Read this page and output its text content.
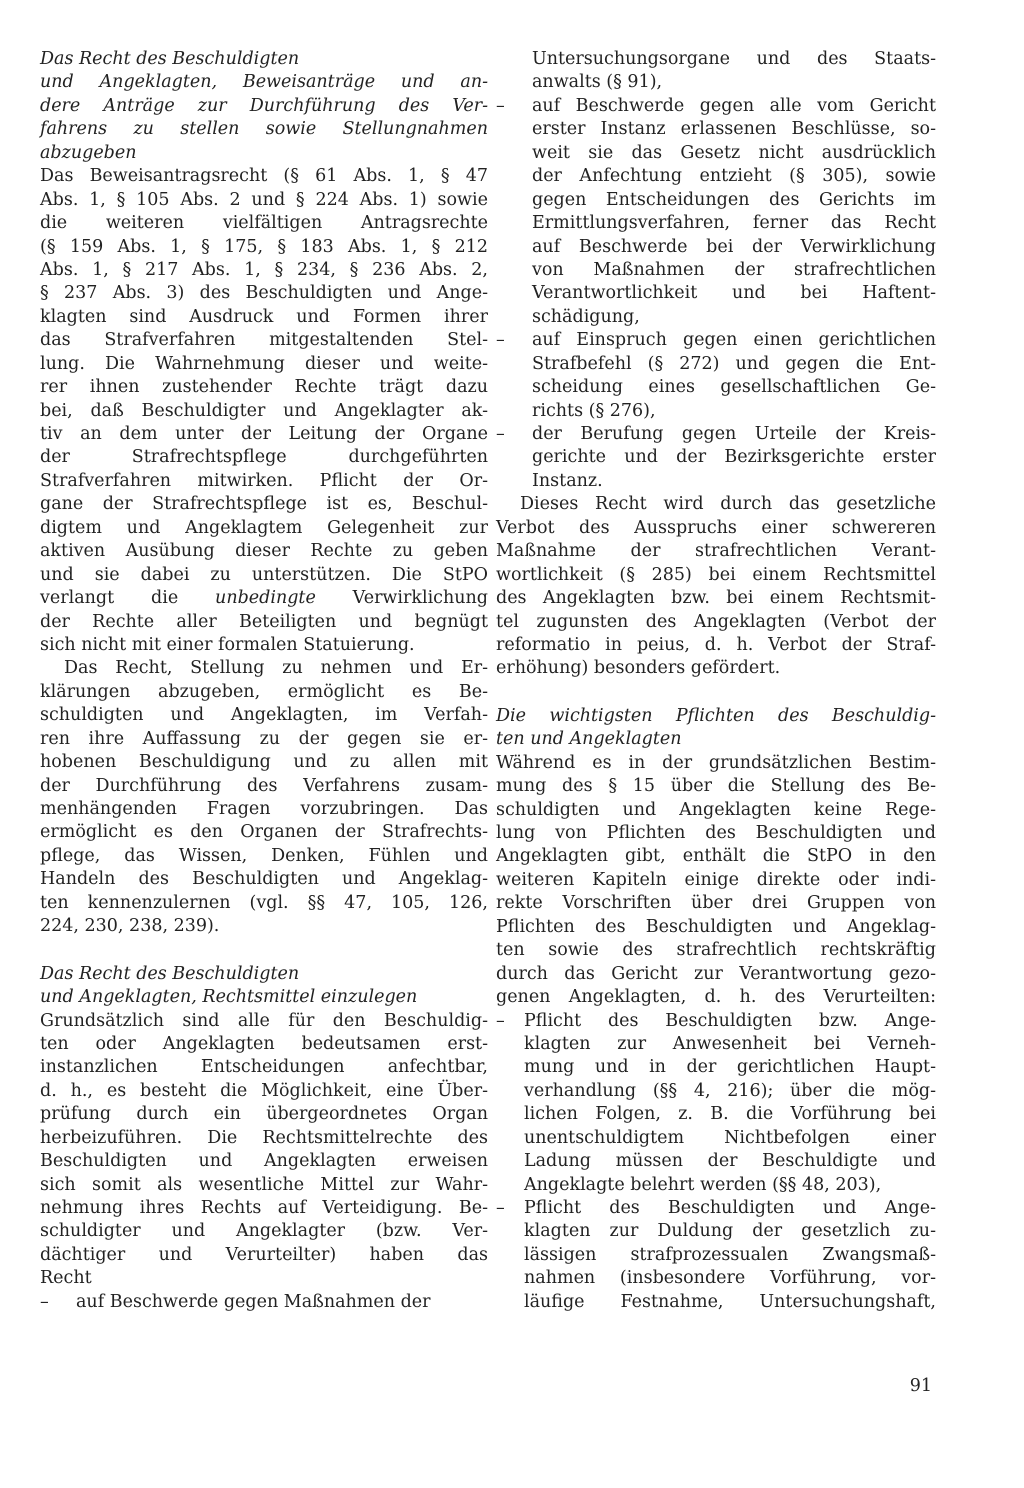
Das Recht des Beschuldigten
und Angeklagten, Beweisanträge und an-
dere Anträge zur Durchführung des Ver-
fahrens zu stellen sowie Stellungnahmen
abzugeben
Das Beweisantragsrecht (§ 61 Abs. 1, § 47
Abs. 1, § 105 Abs. 2 und § 224 Abs. 1) sowie
die weiteren vielfältigen Antragsrechte
(§ 159 Abs. 1, § 175, § 183 Abs. 1, § 212
Abs. 1, § 217 Abs. 1, § 234, § 236 Abs. 2,
§ 237 Abs. 3) des Beschuldigten und Ange-
klagten sind Ausdruck und Formen ihrer
das Strafverfahren mitgestaltenden Stel-
lung. Die Wahrnehmung dieser und weite-
rer ihnen zustehender Rechte trägt dazu
bei, daß Beschuldigter und Angeklagter ak-
tiv an dem unter der Leitung der Organe
der Strafrechtspflege durchgeführten
Strafverfahren mitwirken. Pflicht der Or-
gane der Strafrechtspflege ist es, Beschul-
digtem und Angeklagtem Gelegenheit zur
aktiven Ausübung dieser Rechte zu geben
und sie dabei zu unterstützen. Die StPO
verlangt die unbedingte Verwirklichung
der Rechte aller Beteiligten und begnügt
sich nicht mit einer formalen Statuierung.
Das Recht, Stellung zu nehmen und Er-
klärungen abzugeben, ermöglicht es Be-
schuldigten und Angeklagten, im Verfah-
ren ihre Auffassung zu der gegen sie er-
hobenen Beschuldigung und zu allen mit
der Durchführung des Verfahrens zusam-
menhängenden Fragen vorzubringen. Das
ermöglicht es den Organen der Strafrechts-
pflege, das Wissen, Denken, Fühlen und
Handeln des Beschuldigten und Angeklag-
ten kennenzulernen (vgl. §§ 47, 105, 126,
224, 230, 238, 239).
Das Recht des Beschuldigten
und Angeklagten, Rechtsmittel einzulegen
Grundsätzlich sind alle für den Beschuldig-
ten oder Angeklagten bedeutsamen erst-
instanzlichen Entscheidungen anfechtbar,
d. h., es besteht die Möglichkeit, eine Über-
prüfung durch ein übergeordnetes Organ
herbeizuführen. Die Rechtsmittelrechte des
Beschuldigten und Angeklagten erweisen
sich somit als wesentliche Mittel zur Wahr-
nehmung ihres Rechts auf Verteidigung. Be-
schuldigter und Angeklagter (bzw. Ver-
dächtiger und Verurteilter) haben das
Recht
– auf Beschwerde gegen Maßnahmen der
Untersuchungsorgane und des Staats-
anwalts (§ 91),
– auf Beschwerde gegen alle vom Gericht
erster Instanz erlassenen Beschlüsse, so-
weit sie das Gesetz nicht ausdrücklich
der Anfechtung entzieht (§ 305), sowie
gegen Entscheidungen des Gerichts im
Ermittlungsverfahren, ferner das Recht
auf Beschwerde bei der Verwirklichung
von Maßnahmen der strafrechtlichen
Verantwortlichkeit und bei Haftent-
schädigung,
– auf Einspruch gegen einen gerichtlichen
Strafbefehl (§ 272) und gegen die Ent-
scheidung eines gesellschaftlichen Ge-
richts (§ 276),
– der Berufung gegen Urteile der Kreis-
gerichte und der Bezirksgerichte erster
Instanz.
Dieses Recht wird durch das gesetzliche
Verbot des Ausspruchs einer schwereren
Maßnahme der strafrechtlichen Verant-
wortlichkeit (§ 285) bei einem Rechtsmittel
des Angeklagten bzw. bei einem Rechtsmit-
tel zugunsten des Angeklagten (Verbot der
reformatio in peius, d. h. Verbot der Straf-
erhöhung) besonders gefördert.
Die wichtigsten Pflichten des Beschuldig-
ten und Angeklagten
Während es in der grundsätzlichen Bestim-
mung des § 15 über die Stellung des Be-
schuldigten und Angeklagten keine Rege-
lung von Pflichten des Beschuldigten und
Angeklagten gibt, enthält die StPO in den
weiteren Kapiteln einige direkte oder indi-
rekte Vorschriften über drei Gruppen von
Pflichten des Beschuldigten und Angeklag-
ten sowie des strafrechtlich rechtskräftig
durch das Gericht zur Verantwortung gezo-
genen Angeklagten, d. h. des Verurteilten:
– Pflicht des Beschuldigten bzw. Ange-
klagten zur Anwesenheit bei Verneh-
mung und in der gerichtlichen Haupt-
verhandlung (§§ 4, 216); über die mög-
lichen Folgen, z. B. die Vorführung bei
unentschuldigtem Nichtbefolgen einer
Ladung müssen der Beschuldigte und
Angeklagte belehrt werden (§§ 48, 203),
– Pflicht des Beschuldigten und Ange-
klagten zur Duldung der gesetzlich zu-
lässigen strafprozessualen Zwangsmaß-
nahmen (insbesondere Vorführung, vor-
läufige Festnahme, Untersuchungshaft,
91
